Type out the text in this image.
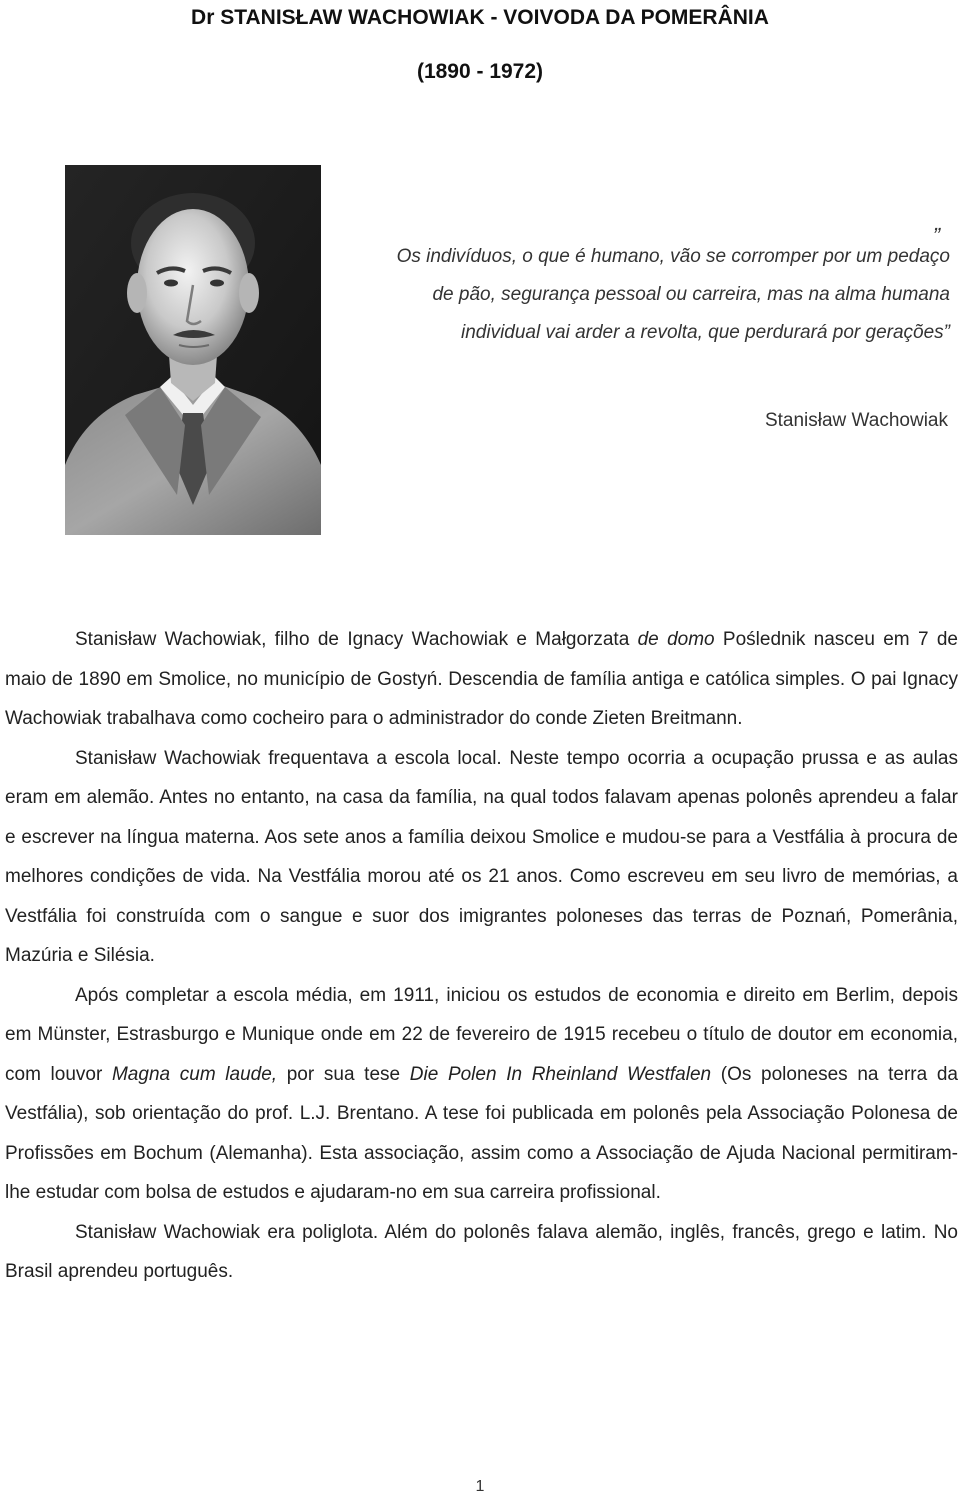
Dr STANISŁAW WACHOWIAK - VOIVODA DA POMERÂNIA
(1890 - 1972)
„
Os indivíduos, o que é humano, vão se corromper por um pedaço de pão, segurança pessoal ou carreira, mas na alma humana individual vai arder a revolta, que perdurará por gerações”
Stanisław Wachowiak

Stanisław Wachowiak, filho de Ignacy Wachowiak e Małgorzata de domo Poślednik nasceu em 7 de maio de 1890 em Smolice, no município de Gostyń. Descendia de família antiga e católica simples. O pai Ignacy Wachowiak trabalhava como cocheiro para o administrador do conde Zieten Breitmann.

Stanisław Wachowiak frequentava a escola local. Neste tempo ocorria a ocupação prussa e as aulas eram em alemão. Antes no entanto, na casa da família, na qual todos falavam apenas polonês aprendeu a falar e escrever na língua materna. Aos sete anos a família deixou Smolice e mudou-se para a Vestfália à procura de melhores condições de vida. Na Vestfália morou até os 21 anos. Como escreveu em seu livro de memórias, a Vestfália foi construída com o sangue e suor dos imigrantes poloneses das terras de Poznań, Pomerânia, Mazúria e Silésia.

Após completar a escola média, em 1911, iniciou os estudos de economia e direito em Berlim, depois em Münster, Estrasburgo e Munique onde em 22 de fevereiro de 1915 recebeu o título de doutor em economia, com louvor Magna cum laude, por sua tese Die Polen In Rheinland Westfalen (Os poloneses na terra da Vestfália), sob orientação do prof. L.J. Brentano. A tese foi publicada em polonês pela Associação Polonesa de Profissões em Bochum (Alemanha). Esta associação, assim como a Associação de Ajuda Nacional permitiram-lhe estudar com bolsa de estudos e ajudaram-no em sua carreira profissional.

Stanisław Wachowiak era poliglota. Além do polonês falava alemão, inglês, francês, grego e latim. No Brasil aprendeu português.

1
